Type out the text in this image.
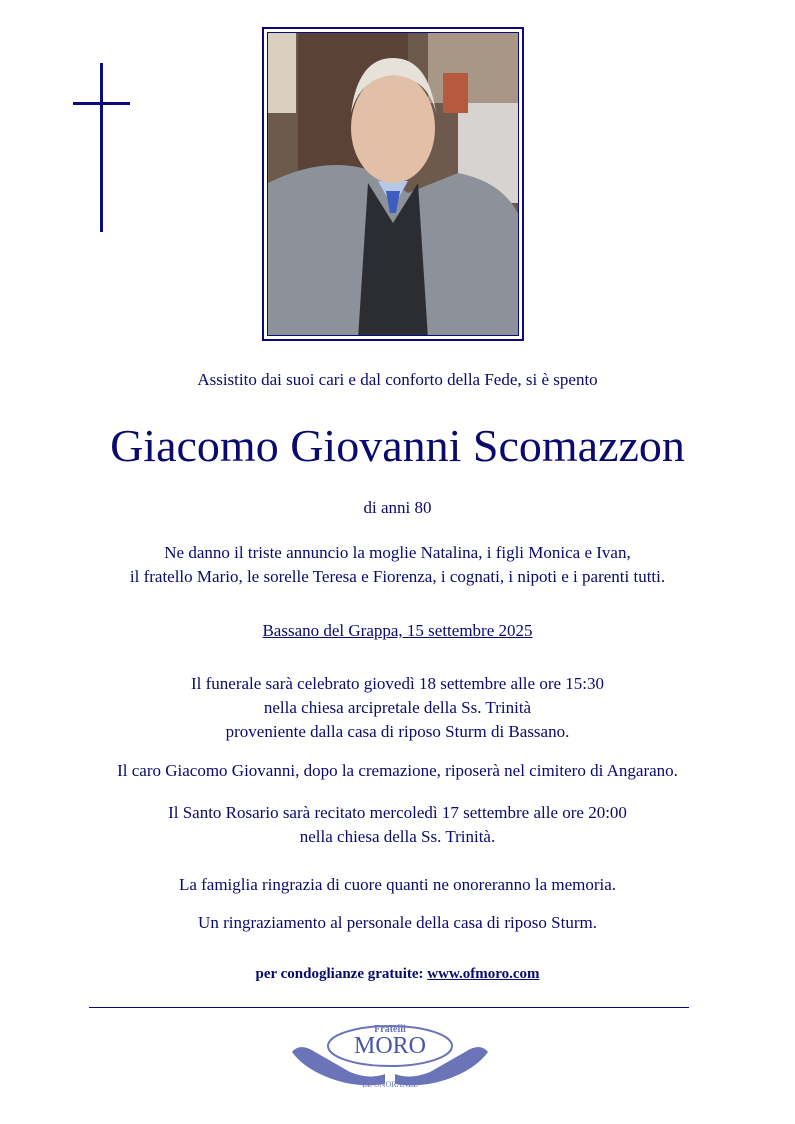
Assistito dai suoi cari e dal conforto della Fede, si è spento
Giacomo Giovanni Scomazzon
di anni 80
Ne danno il triste annuncio la moglie Natalina, i figli Monica e Ivan,
il fratello Mario, le sorelle Teresa e Fiorenza, i cognati, i nipoti e i parenti tutti.
Bassano del Grappa, 15 settembre 2025
Il funerale sarà celebrato giovedì 18 settembre alle ore 15:30
nella chiesa arcipretale della Ss. Trinità
proveniente dalla casa di riposo Sturm di Bassano.
Il caro Giacomo Giovanni, dopo la cremazione, riposerà nel cimitero di Angarano.
Il Santo Rosario sarà recitato mercoledì 17 settembre alle ore 20:00
nella chiesa della Ss. Trinità.
La famiglia ringrazia di cuore quanti ne onoreranno la memoria.
Un ringraziamento al personale della casa di riposo Sturm.
per condoglianze gratuite: www.ofmoro.com
Fratelli
MORO
LE ONORANZE
